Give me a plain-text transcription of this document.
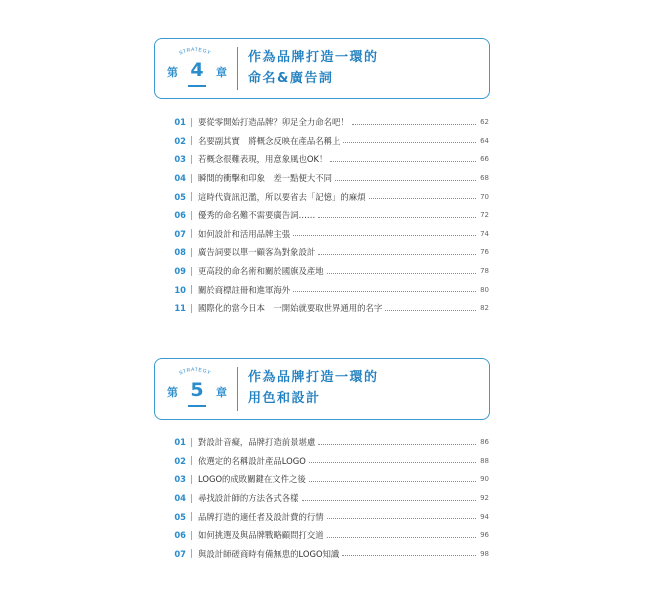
STRATEGY
第 4 章
作為品牌打造一環的
命名&廣告詞
01 要從零開始打造品牌？卯足全力命名吧！	62
02 名要副其實　將概念反映在產品名稱上	64
03 若概念很難表現，用意象風也OK！	66
04 瞬間的衝擊和印象　差一點便大不同	68
05 這時代資訊氾濫，所以要省去「記憶」的麻煩	70
06 優秀的命名難不需要廣告詞……	72
07 如何設計和活用品牌主張	74
08 廣告詞要以單一顧客為對象設計	76
09 更高段的命名術和關於國旗及產地	78
10 關於商標註冊和進軍海外	80
11 國際化的當今日本　一開始就要取世界通用的名字	82
STRATEGY
第 5 章
作為品牌打造一環的
用色和設計
01 對設計音癡，品牌打造前景堪慮	86
02 依選定的名稱設計產品LOGO	88
03 LOGO的成敗關鍵在文件之後	90
04 尋找設計師的方法各式各樣	92
05 品牌打造的適任者及設計費的行情	94
06 如何挑選及與品牌戰略顧問打交道	96
07 與設計師磋商時有備無患的LOGO知識	98
